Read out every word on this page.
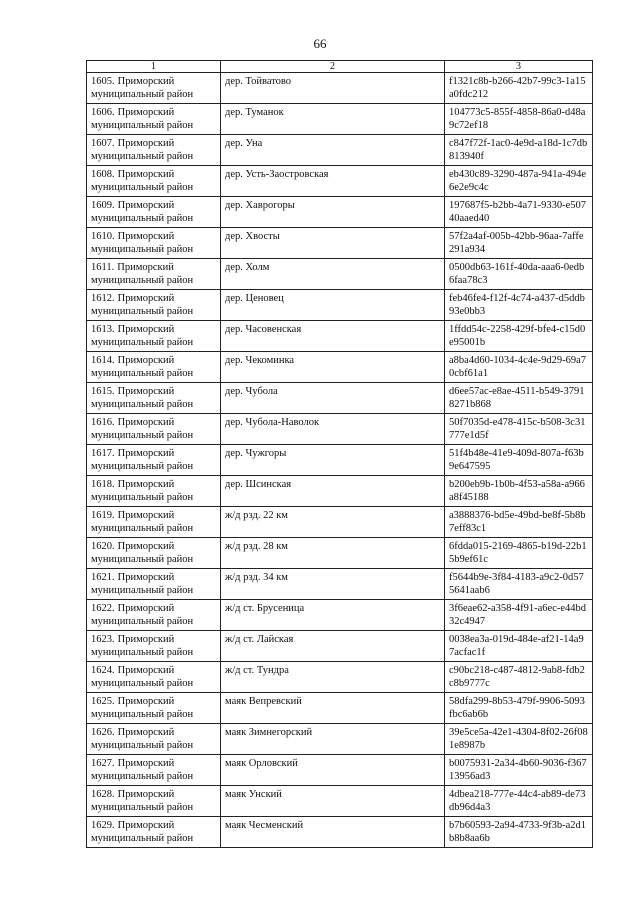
66
1	2	3
1605. Приморский муниципальный район	дер. Тойватово	f1321c8b-b266-42b7-99c3-1a15a0fdc212
1606. Приморский муниципальный район	дер. Туманок	104773c5-855f-4858-86a0-d48a9c72ef18
1607. Приморский муниципальный район	дер. Уна	c847f72f-1ac0-4e9d-a18d-1c7db813940f
1608. Приморский муниципальный район	дер. Усть-Заостровская	eb430c89-3290-487a-941a-494e6e2e9c4c
1609. Приморский муниципальный район	дер. Хаврогоры	197687f5-b2bb-4a71-9330-e50740aaed40
1610. Приморский муниципальный район	дер. Хвосты	57f2a4af-005b-42bb-96aa-7affe291a934
1611. Приморский муниципальный район	дер. Холм	0500db63-161f-40da-aaa6-0edb6faa78c3
1612. Приморский муниципальный район	дер. Ценовец	feb46fe4-f12f-4c74-a437-d5ddb93e0bb3
1613. Приморский муниципальный район	дер. Часовенская	1ffdd54c-2258-429f-bfe4-c15d0e95001b
1614. Приморский муниципальный район	дер. Чекоминка	a8ba4d60-1034-4c4e-9d29-69a70cbf61a1
1615. Приморский муниципальный район	дер. Чубола	d6ee57ac-e8ae-4511-b549-37918271b868
1616. Приморский муниципальный район	дер. Чубола-Наволок	50f7035d-e478-415c-b508-3c31777e1d5f
1617. Приморский муниципальный район	дер. Чужгоры	51f4b48e-41e9-409d-807a-f63b9e647595
1618. Приморский муниципальный район	дер. Шсинская	b200eb9b-1b0b-4f53-a58a-a966a8f45188
1619. Приморский муниципальный район	ж/д рзд. 22 км	a3888376-bd5e-49bd-be8f-5b8b7eff83c1
1620. Приморский муниципальный район	ж/д рзд. 28 км	6fdda015-2169-4865-b19d-22b15b9ef61c
1621. Приморский муниципальный район	ж/д рзд. 34 км	f5644b9e-3f84-4183-a9c2-0d575641aab6
1622. Приморский муниципальный район	ж/д ст. Брусеница	3f6eae62-a358-4f91-a6ec-e44bd32c4947
1623. Приморский муниципальный район	ж/д ст. Лайская	0038ea3a-019d-484e-af21-14a97acfac1f
1624. Приморский муниципальный район	ж/д ст. Тундра	c90bc218-c487-4812-9ab8-fdb2c8b9777c
1625. Приморский муниципальный район	маяк Вепревский	58dfa299-8b53-479f-9906-5093fbc6ab6b
1626. Приморский муниципальный район	маяк Зимнегорский	39e5ce5a-42e1-4304-8f02-26f081e8987b
1627. Приморский муниципальный район	маяк Орловский	b0075931-2a34-4b60-9036-f36713956ad3
1628. Приморский муниципальный район	маяк Унский	4dbea218-777e-44c4-ab89-de73db96d4a3
1629. Приморский муниципальный район	маяк Чесменский	b7b60593-2a94-4733-9f3b-a2d1b8b8aa6b
